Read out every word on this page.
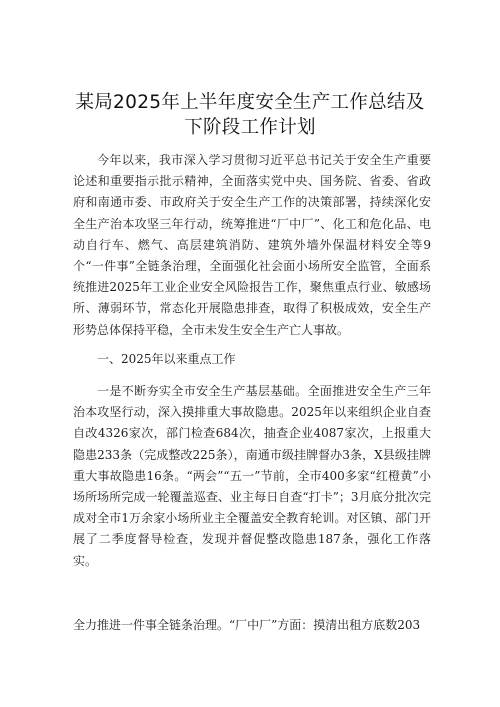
某局2025年上半年度安全生产工作总结及下阶段工作计划
今年以来，我市深入学习贯彻习近平总书记关于安全生产重要论述和重要指示批示精神，全面落实党中央、国务院、省委、省政府和南通市委、市政府关于安全生产工作的决策部署，持续深化安全生产治本攻坚三年行动，统筹推进“厂中厂”、化工和危化品、电动自行车、燃气、高层建筑消防、建筑外墙外保温材料安全等9个“一件事”全链条治理，全面强化社会面小场所安全监管，全面系统推进2025年工业企业安全风险报告工作，聚焦重点行业、敏感场所、薄弱环节，常态化开展隐患排查，取得了积极成效，安全生产形势总体保持平稳，全市未发生安全生产亡人事故。
一、2025年以来重点工作
一是不断夯实全市安全生产基层基础。全面推进安全生产三年治本攻坚行动，深入摸排重大事故隐患。2025年以来组织企业自查自改4326家次，部门检查684次，抽查企业4087家次，上报重大隐患233条（完成整改225条），南通市级挂牌督办3条，X县级挂牌重大事故隐患16条。“两会”“五一”节前，全市400多家“红橙黄”小场所场所完成一轮覆盖巡查、业主每日自查“打卡”；3月底分批次完成对全市1万余家小场所业主全覆盖安全教育轮训。对区镇、部门开展了二季度督导检查，发现并督促整改隐患187条，强化工作落实。
全力推进一件事全链条治理。“厂中厂”方面：摸清出租方底数203
